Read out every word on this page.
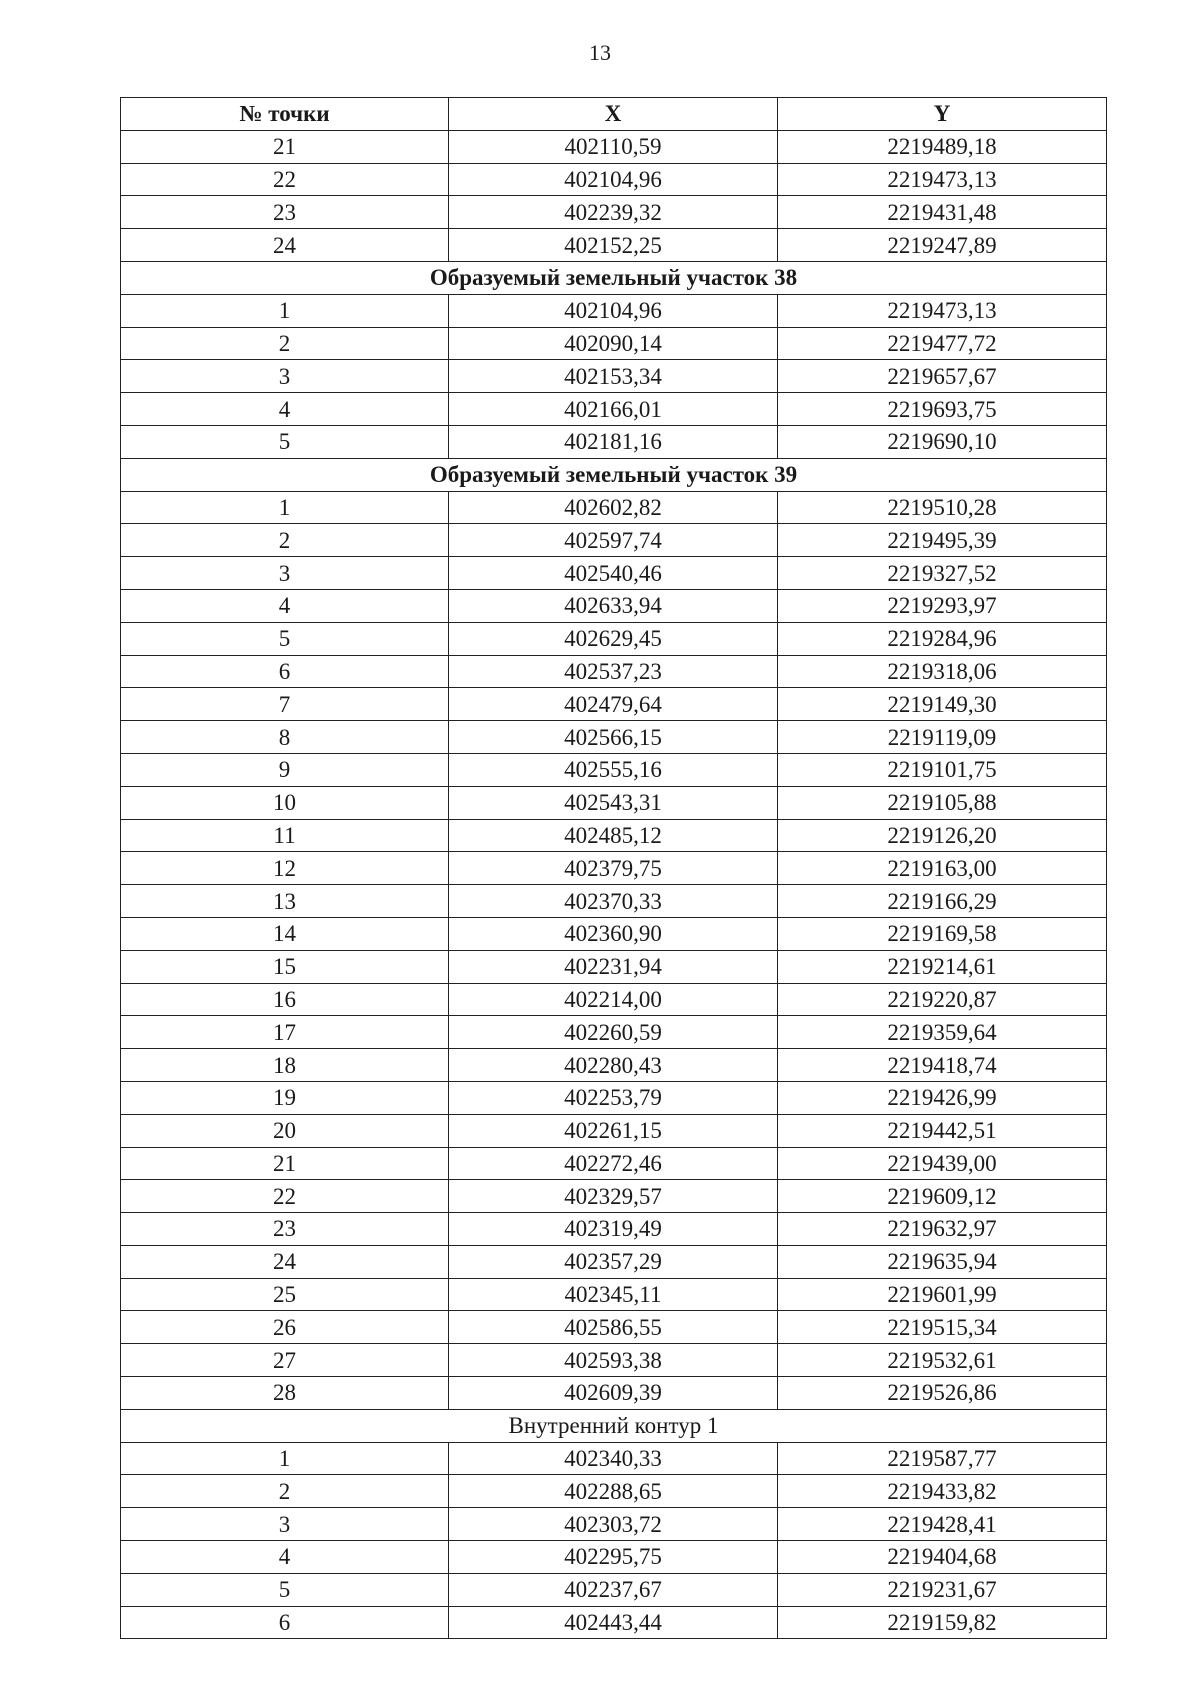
13
№ точки	X	Y
21	402110,59	2219489,18
22	402104,96	2219473,13
23	402239,32	2219431,48
24	402152,25	2219247,89
Образуемый земельный участок 38		
1	402104,96	2219473,13
2	402090,14	2219477,72
3	402153,34	2219657,67
4	402166,01	2219693,75
5	402181,16	2219690,10
Образуемый земельный участок 39		
1	402602,82	2219510,28
2	402597,74	2219495,39
3	402540,46	2219327,52
4	402633,94	2219293,97
5	402629,45	2219284,96
6	402537,23	2219318,06
7	402479,64	2219149,30
8	402566,15	2219119,09
9	402555,16	2219101,75
10	402543,31	2219105,88
11	402485,12	2219126,20
12	402379,75	2219163,00
13	402370,33	2219166,29
14	402360,90	2219169,58
15	402231,94	2219214,61
16	402214,00	2219220,87
17	402260,59	2219359,64
18	402280,43	2219418,74
19	402253,79	2219426,99
20	402261,15	2219442,51
21	402272,46	2219439,00
22	402329,57	2219609,12
23	402319,49	2219632,97
24	402357,29	2219635,94
25	402345,11	2219601,99
26	402586,55	2219515,34
27	402593,38	2219532,61
28	402609,39	2219526,86
Внутренний контур 1		
1	402340,33	2219587,77
2	402288,65	2219433,82
3	402303,72	2219428,41
4	402295,75	2219404,68
5	402237,67	2219231,67
6	402443,44	2219159,82
